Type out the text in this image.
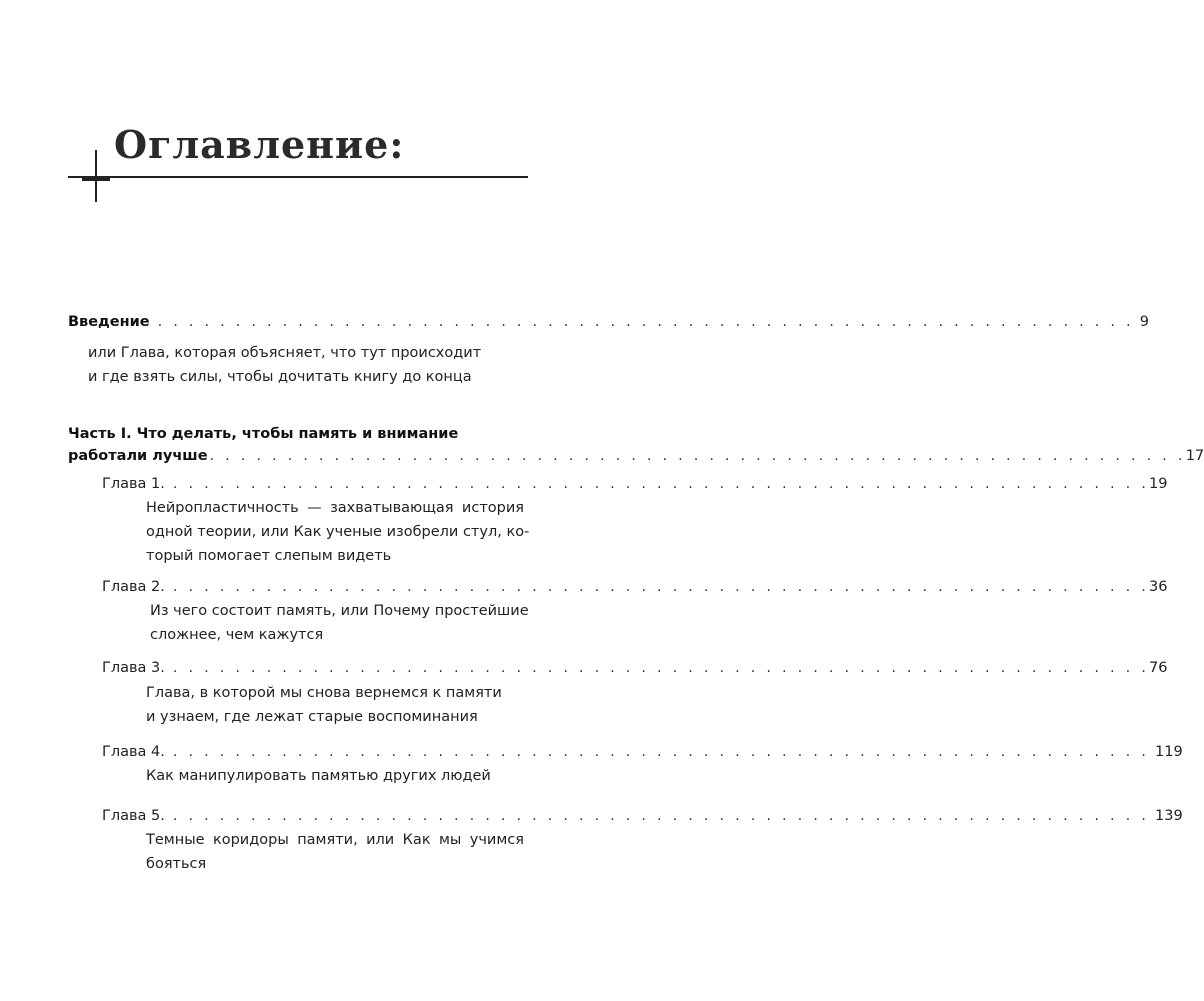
Оглавление:
Введение . . . . . . . . . . . . . . . . . . . . . . . . . . . . . . . . . . . . . . . . . . . . . . . . . . . . . . . . . . . . . . . 9
или Глава, которая объясняет, что тут происходит
и где взять силы, чтобы дочитать книгу до конца
Часть I. Что делать, чтобы память и внимание
работали лучше . . . . . . . . . . . . . . . . . . . . . . . . . . . . . . . . . . . . . . . . . . . . . . . . . . . . . . . . . . . . . . . 17
Глава 1. . . . . . . . . . . . . . . . . . . . . . . . . . . . . . . . . . . . . . . . . . . . . . . . . . . . . . . . . . . . . . . . 19
Нейропластичность — захватывающая история
одной теории, или Как ученые изобрели стул, ко-
торый помогает слепым видеть
Глава 2. . . . . . . . . . . . . . . . . . . . . . . . . . . . . . . . . . . . . . . . . . . . . . . . . . . . . . . . . . . . . . . . 36
Из чего состоит память, или Почему простейшие
сложнее, чем кажутся
Глава 3. . . . . . . . . . . . . . . . . . . . . . . . . . . . . . . . . . . . . . . . . . . . . . . . . . . . . . . . . . . . . . . . 76
Глава, в которой мы снова вернемся к памяти
и узнаем, где лежат старые воспоминания
Глава 4. . . . . . . . . . . . . . . . . . . . . . . . . . . . . . . . . . . . . . . . . . . . . . . . . . . . . . . . . . . . . . . . 119
Как манипулировать памятью других людей
Глава 5. . . . . . . . . . . . . . . . . . . . . . . . . . . . . . . . . . . . . . . . . . . . . . . . . . . . . . . . . . . . . . . . 139
Темные коридоры памяти, или Как мы учимся
бояться
